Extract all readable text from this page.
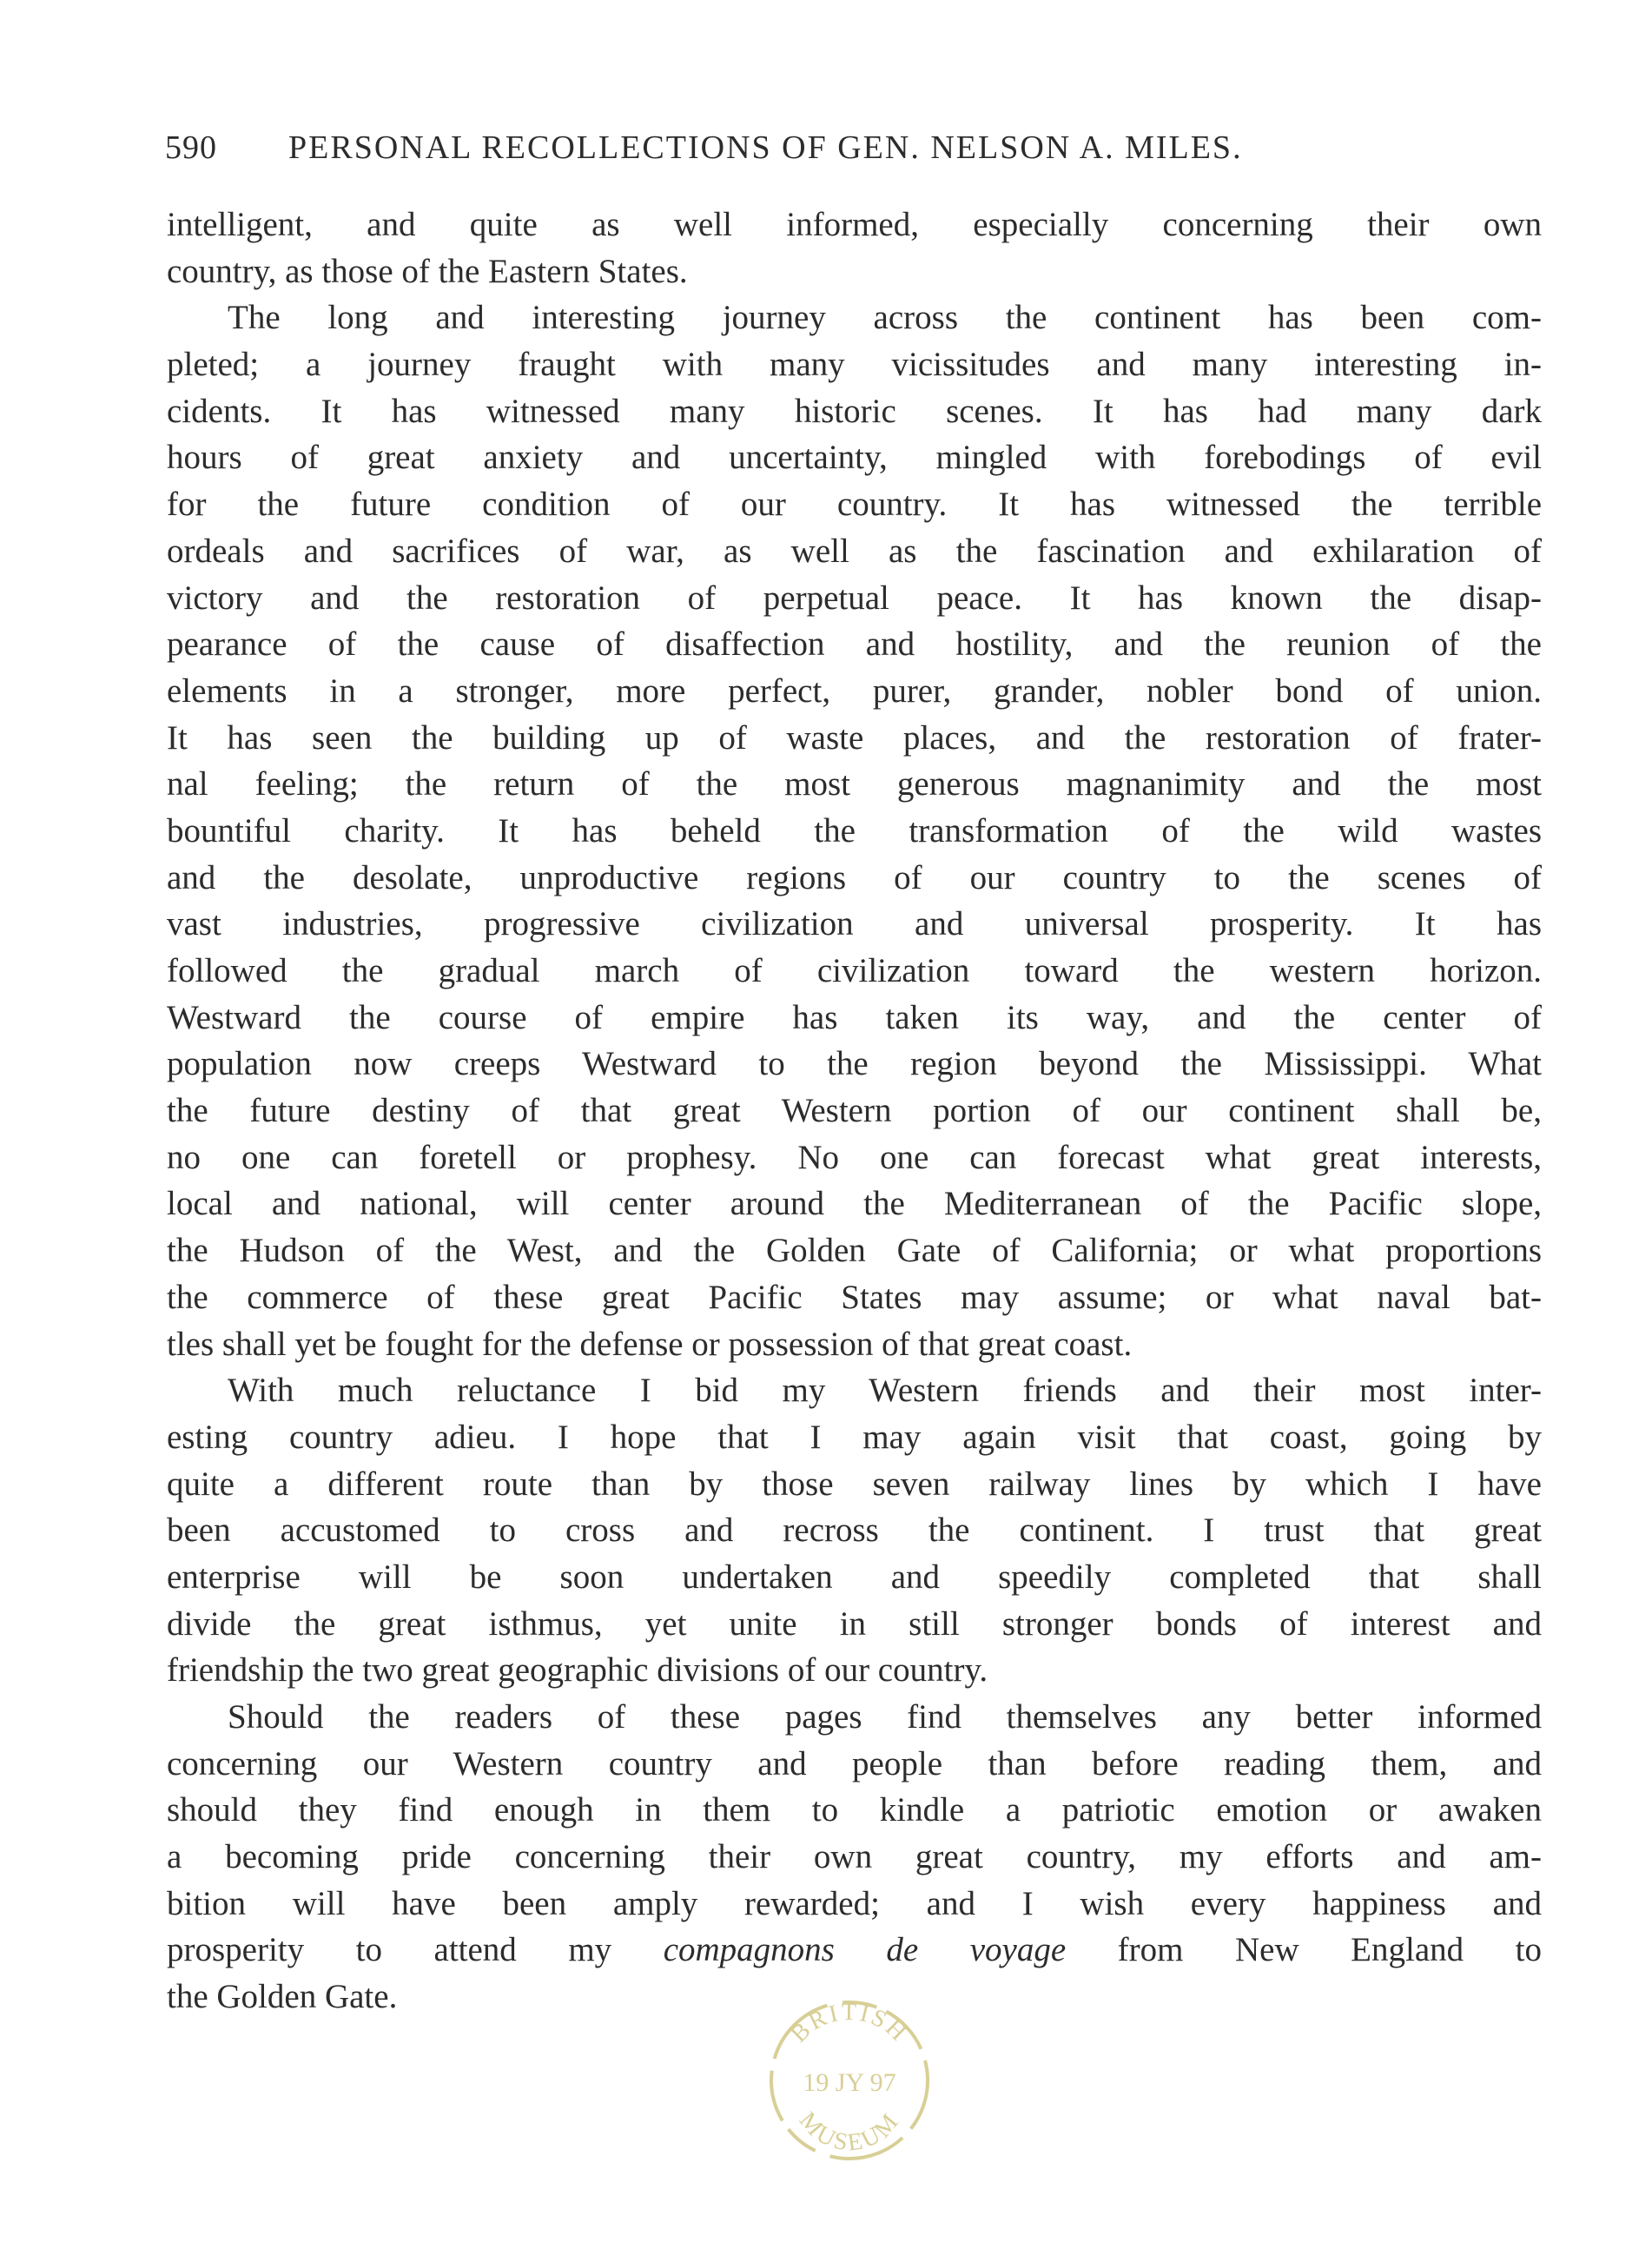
590 PERSONAL RECOLLECTIONS OF GEN. NELSON A. MILES.
intelligent, and quite as well informed, especially concerning their own
country, as those of the Eastern States.
The long and interesting journey across the continent has been com-
pleted; a journey fraught with many vicissitudes and many interesting in-
cidents. It has witnessed many historic scenes. It has had many dark
hours of great anxiety and uncertainty, mingled with forebodings of evil
for the future condition of our country. It has witnessed the terrible
ordeals and sacrifices of war, as well as the fascination and exhilaration of
victory and the restoration of perpetual peace. It has known the disap-
pearance of the cause of disaffection and hostility, and the reunion of the
elements in a stronger, more perfect, purer, grander, nobler bond of union.
It has seen the building up of waste places, and the restoration of frater-
nal feeling; the return of the most generous magnanimity and the most
bountiful charity. It has beheld the transformation of the wild wastes
and the desolate, unproductive regions of our country to the scenes of
vast industries, progressive civilization and universal prosperity. It has
followed the gradual march of civilization toward the western horizon.
Westward the course of empire has taken its way, and the center of
population now creeps Westward to the region beyond the Mississippi. What
the future destiny of that great Western portion of our continent shall be,
no one can foretell or prophesy. No one can forecast what great interests,
local and national, will center around the Mediterranean of the Pacific slope,
the Hudson of the West, and the Golden Gate of California; or what proportions
the commerce of these great Pacific States may assume; or what naval bat-
tles shall yet be fought for the defense or possession of that great coast.
With much reluctance I bid my Western friends and their most inter-
esting country adieu. I hope that I may again visit that coast, going by
quite a different route than by those seven railway lines by which I have
been accustomed to cross and recross the continent. I trust that great
enterprise will be soon undertaken and speedily completed that shall
divide the great isthmus, yet unite in still stronger bonds of interest and
friendship the two great geographic divisions of our country.
Should the readers of these pages find themselves any better informed
concerning our Western country and people than before reading them, and
should they find enough in them to kindle a patriotic emotion or awaken
a becoming pride concerning their own great country, my efforts and am-
bition will have been amply rewarded; and I wish every happiness and
prosperity to attend my compagnons de voyage from New England to
the Golden Gate.
BRITISH
19 JY 97
MUSEUM
